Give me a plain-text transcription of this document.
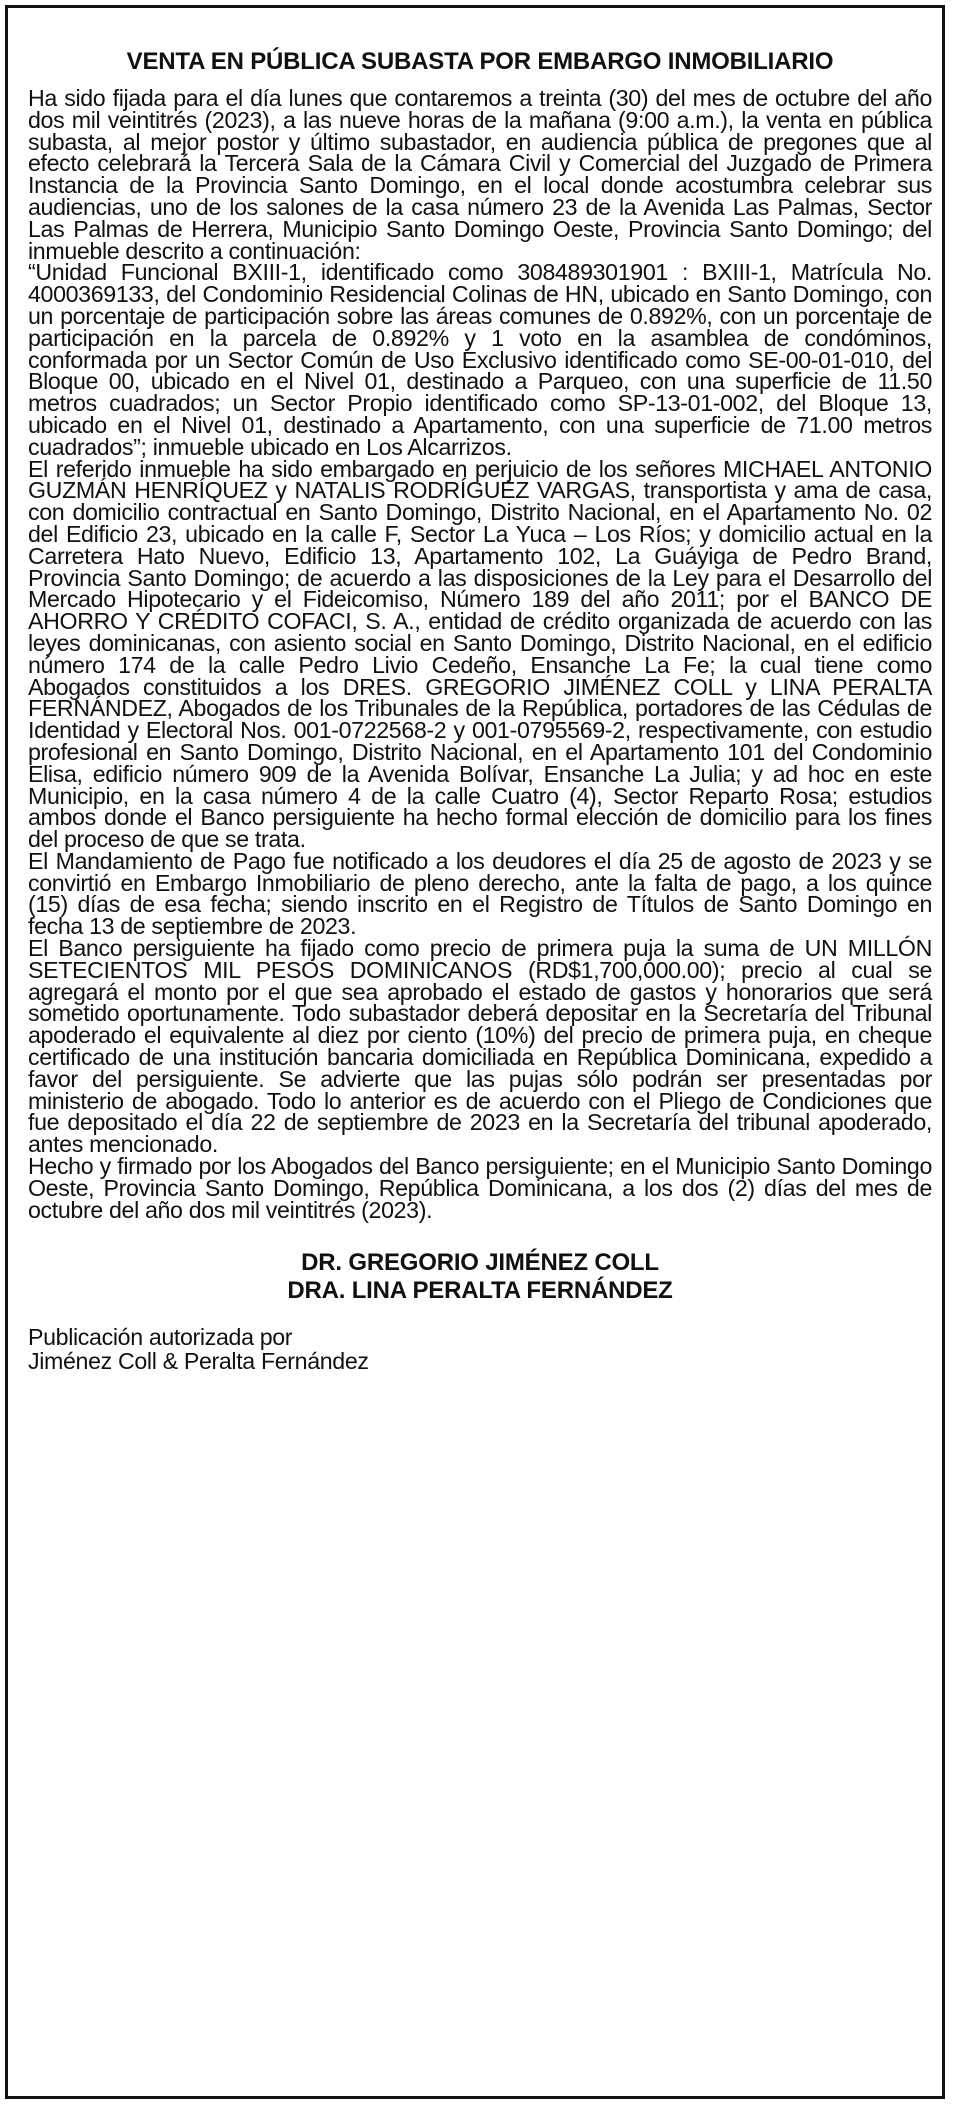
VENTA EN PÚBLICA SUBASTA POR EMBARGO INMOBILIARIO

Ha sido fijada para el día lunes que contaremos a treinta (30) del mes de octubre del año dos mil veintitrés (2023), a las nueve horas de la mañana (9:00 a.m.), la venta en pública subasta, al mejor postor y último subastador, en audiencia pública de pregones que al efecto celebrará la Tercera Sala de la Cámara Civil y Comercial del Juzgado de Primera Instancia de la Provincia Santo Domingo, en el local donde acostumbra celebrar sus audiencias, uno de los salones de la casa número 23 de la Avenida Las Palmas, Sector Las Palmas de Herrera, Municipio Santo Domingo Oeste, Provincia Santo Domingo; del inmueble descrito a continuación:

“Unidad Funcional BXIII-1, identificado como 308489301901 : BXIII-1, Matrícula No. 4000369133, del Condominio Residencial Colinas de HN, ubicado en Santo Domingo, con un porcentaje de participación sobre las áreas comunes de 0.892%, con un porcentaje de participación en la parcela de 0.892% y 1 voto en la asamblea de condóminos, conformada por un Sector Común de Uso Exclusivo identificado como SE-00-01-010, del Bloque 00, ubicado en el Nivel 01, destinado a Parqueo, con una superficie de 11.50 metros cuadrados; un Sector Propio identificado como SP-13-01-002, del Bloque 13, ubicado en el Nivel 01, destinado a Apartamento, con una superficie de 71.00 metros cuadrados”; inmueble ubicado en Los Alcarrizos.

El referido inmueble ha sido embargado en perjuicio de los señores MICHAEL ANTONIO GUZMÁN HENRÍQUEZ y NATALIS RODRÍGUEZ VARGAS, transportista y ama de casa, con domicilio contractual en Santo Domingo, Distrito Nacional, en el Apartamento No. 02 del Edificio 23, ubicado en la calle F, Sector La Yuca – Los Ríos; y domicilio actual en la Carretera Hato Nuevo, Edificio 13, Apartamento 102, La Guáyiga de Pedro Brand, Provincia Santo Domingo; de acuerdo a las disposiciones de la Ley para el Desarrollo del Mercado Hipotecario y el Fideicomiso, Número 189 del año 2011; por el BANCO DE AHORRO Y CRÉDITO COFACI, S. A., entidad de crédito organizada de acuerdo con las leyes dominicanas, con asiento social en Santo Domingo, Distrito Nacional, en el edificio número 174 de la calle Pedro Livio Cedeño, Ensanche La Fe; la cual tiene como Abogados constituidos a los DRES. GREGORIO JIMÉNEZ COLL y LINA PERALTA FERNÁNDEZ, Abogados de los Tribunales de la República, portadores de las Cédulas de Identidad y Electoral Nos. 001-0722568-2 y 001-0795569-2, respectivamente, con estudio profesional en Santo Domingo, Distrito Nacional, en el Apartamento 101 del Condominio Elisa, edificio número 909 de la Avenida Bolívar, Ensanche La Julia; y ad hoc en este Municipio, en la casa número 4 de la calle Cuatro (4), Sector Reparto Rosa; estudios ambos donde el Banco persiguiente ha hecho formal elección de domicilio para los fines del proceso de que se trata.

El Mandamiento de Pago fue notificado a los deudores el día 25 de agosto de 2023 y se convirtió en Embargo Inmobiliario de pleno derecho, ante la falta de pago, a los quince (15) días de esa fecha; siendo inscrito en el Registro de Títulos de Santo Domingo en fecha 13 de septiembre de 2023.

El Banco persiguiente ha fijado como precio de primera puja la suma de UN MILLÓN SETECIENTOS MIL PESOS DOMINICANOS (RD$1,700,000.00); precio al cual se agregará el monto por el que sea aprobado el estado de gastos y honorarios que será sometido oportunamente. Todo subastador deberá depositar en la Secretaría del Tribunal apoderado el equivalente al diez por ciento (10%) del precio de primera puja, en cheque certificado de una institución bancaria domiciliada en República Dominicana, expedido a favor del persiguiente. Se advierte que las pujas sólo podrán ser presentadas por ministerio de abogado. Todo lo anterior es de acuerdo con el Pliego de Condiciones que fue depositado el día 22 de septiembre de 2023 en la Secretaría del tribunal apoderado, antes mencionado.

Hecho y firmado por los Abogados del Banco persiguiente; en el Municipio Santo Domingo Oeste, Provincia Santo Domingo, República Dominicana, a los dos (2) días del mes de octubre del año dos mil veintitrés (2023).

DR. GREGORIO JIMÉNEZ COLL

DRA. LINA PERALTA FERNÁNDEZ

Publicación autorizada por

Jiménez Coll & Peralta Fernández
